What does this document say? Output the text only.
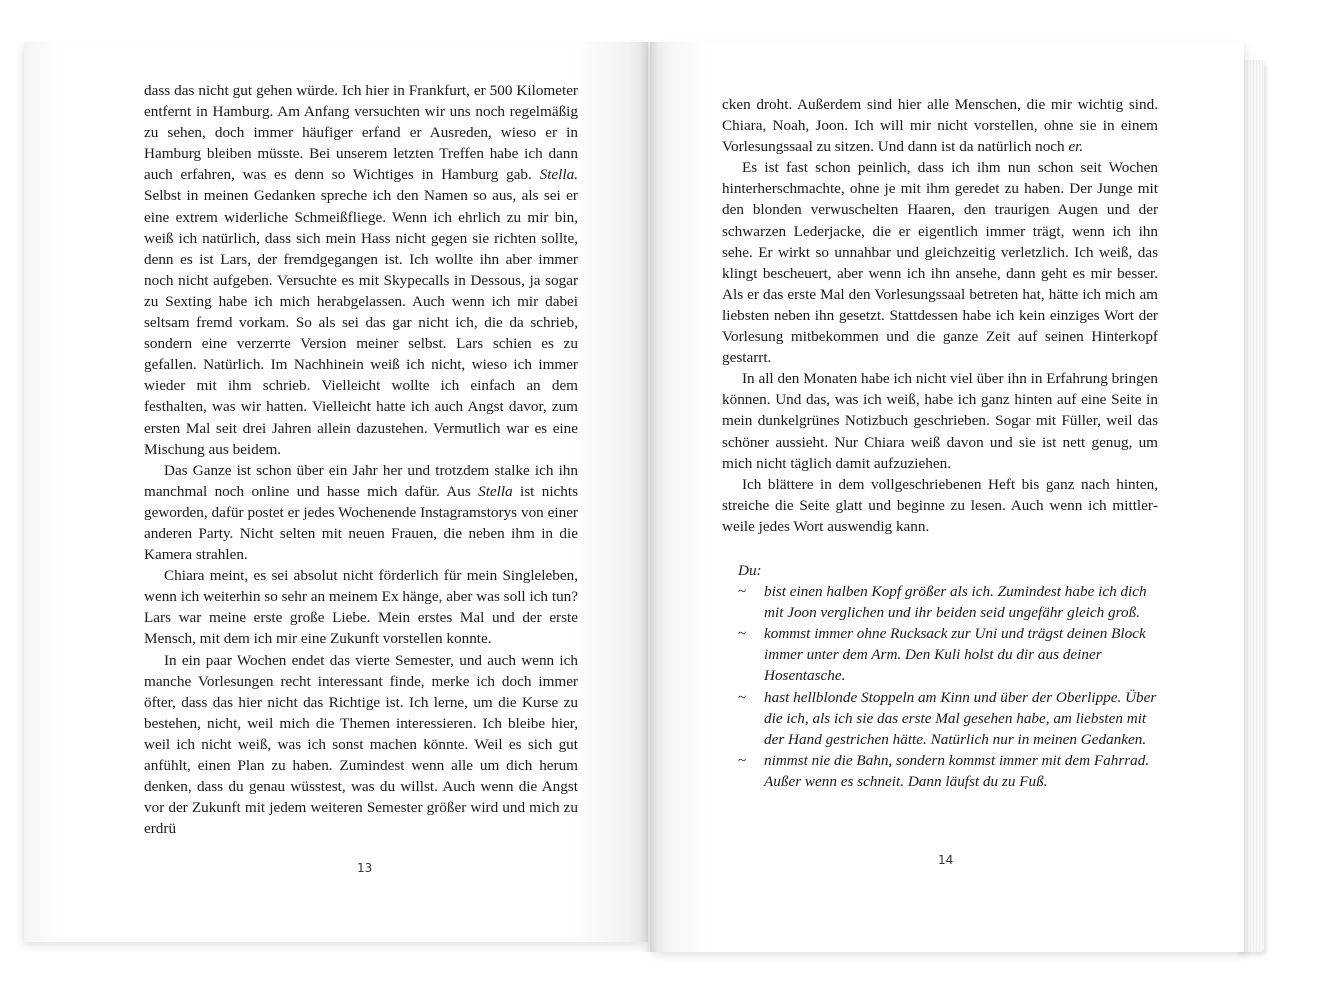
dass das nicht gut gehen würde. Ich hier in Frankfurt, er 500 Kilometer entfernt in Hamburg. Am Anfang versuchten wir uns noch regelmäßig zu sehen, doch immer häufiger erfand er Ausreden, wieso er in Hamburg bleiben müsste. Bei unserem letzten Treffen habe ich dann auch erfahren, was es denn so Wichtiges in Hamburg gab. Stella. Selbst in meinen Gedanken spreche ich den Namen so aus, als sei er eine extrem widerliche Schmeißfliege. Wenn ich ehrlich zu mir bin, weiß ich natürlich, dass sich mein Hass nicht gegen sie richten sollte, denn es ist Lars, der fremdgegangen ist. Ich wollte ihn aber immer noch nicht aufgeben. Versuchte es mit Skypecalls in Dessous, ja sogar zu Sexting habe ich mich herabgelassen. Auch wenn ich mir dabei seltsam fremd vorkam. So als sei das gar nicht ich, die da schrieb, sondern eine verzerrte Version meiner selbst. Lars schien es zu gefallen. Natürlich. Im Nachhinein weiß ich nicht, wieso ich immer wieder mit ihm schrieb. Vielleicht wollte ich einfach an dem festhalten, was wir hatten. Vielleicht hatte ich auch Angst davor, zum ersten Mal seit drei Jahren allein dazustehen. Vermutlich war es eine Mischung aus beidem.

Das Ganze ist schon über ein Jahr her und trotzdem stalke ich ihn manchmal noch online und hasse mich dafür. Aus Stella ist nichts geworden, dafür postet er jedes Wochenende Instagramstorys von einer anderen Party. Nicht selten mit neuen Frauen, die neben ihm in die Kamera strahlen.

Chiara meint, es sei absolut nicht förderlich für mein Singleleben, wenn ich weiterhin so sehr an meinem Ex hänge, aber was soll ich tun? Lars war meine erste große Liebe. Mein erstes Mal und der erste Mensch, mit dem ich mir eine Zukunft vorstellen konnte.

In ein paar Wochen endet das vierte Semester, und auch wenn ich manche Vorlesungen recht interessant finde, merke ich doch immer öfter, dass das hier nicht das Richtige ist. Ich lerne, um die Kurse zu bestehen, nicht, weil mich die Themen interessieren. Ich bleibe hier, weil ich nicht weiß, was ich sonst machen könnte. Weil es sich gut anfühlt, einen Plan zu haben. Zumindest wenn alle um dich herum denken, dass du genau wüsstest, was du willst. Auch wenn die Angst vor der Zukunft mit jedem weiteren Semester größer wird und mich zu erdrü

13

cken droht. Außerdem sind hier alle Menschen, die mir wichtig sind. Chiara, Noah, Joon. Ich will mir nicht vorstellen, ohne sie in einem Vorlesungssaal zu sitzen. Und dann ist da natürlich noch er.

Es ist fast schon peinlich, dass ich ihm nun schon seit Wochen hinterherschmachte, ohne je mit ihm geredet zu haben. Der Junge mit den blonden verwuschelten Haaren, den traurigen Augen und der schwarzen Lederjacke, die er eigentlich immer trägt, wenn ich ihn sehe. Er wirkt so unnahbar und gleichzeitig verletzlich. Ich weiß, das klingt bescheuert, aber wenn ich ihn ansehe, dann geht es mir besser. Als er das erste Mal den Vorlesungssaal betreten hat, hätte ich mich am liebsten neben ihn gesetzt. Stattdessen habe ich kein einziges Wort der Vorlesung mitbekommen und die ganze Zeit auf seinen Hinterkopf gestarrt.

In all den Monaten habe ich nicht viel über ihn in Erfahrung bringen können. Und das, was ich weiß, habe ich ganz hinten auf eine Seite in mein dunkelgrünes Notizbuch geschrieben. Sogar mit Füller, weil das schöner aussieht. Nur Chiara weiß davon und sie ist nett genug, um mich nicht täglich damit aufzuziehen.

Ich blättere in dem vollgeschriebenen Heft bis ganz nach hinten, streiche die Seite glatt und beginne zu lesen. Auch wenn ich mittlerweile jedes Wort auswendig kann.

Du:

~ bist einen halben Kopf größer als ich. Zumindest habe ich dich mit Joon verglichen und ihr beiden seid ungefähr gleich groß.

~ kommst immer ohne Rucksack zur Uni und trägst deinen Block immer unter dem Arm. Den Kuli holst du dir aus deiner Hosentasche.

~ hast hellblonde Stoppeln am Kinn und über der Oberlippe. Über die ich, als ich sie das erste Mal gesehen habe, am liebsten mit der Hand gestrichen hätte. Natürlich nur in meinen Gedanken.

~ nimmst nie die Bahn, sondern kommst immer mit dem Fahrrad. Außer wenn es schneit. Dann läufst du zu Fuß.

14
